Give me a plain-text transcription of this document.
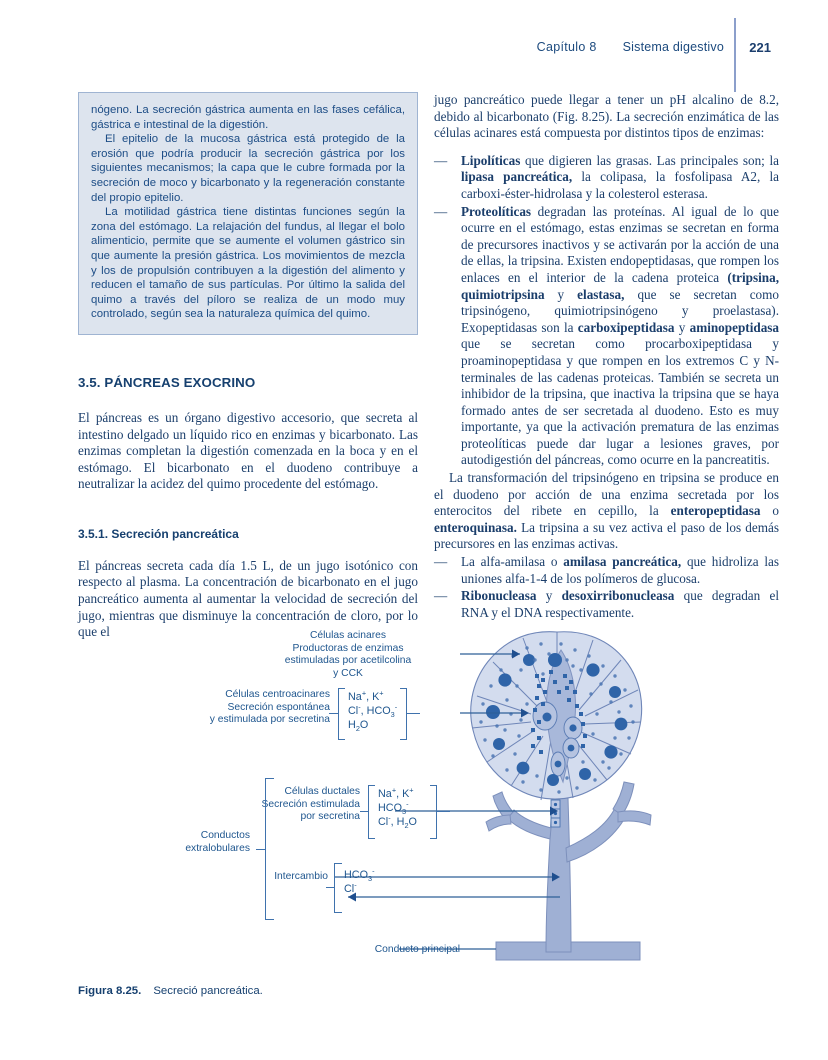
Capítulo 8 Sistema digestivo	221

nógeno. La secreción gástrica aumenta en las fases cefálica, gástrica e intestinal de la digestión.

El epitelio de la mucosa gástrica está protegido de la erosión que podría producir la secreción gástrica por los siguientes mecanismos; la capa que le cubre formada por la secreción de moco y bicarbonato y la regeneración constante del propio epitelio.

La motilidad gástrica tiene distintas funciones según la zona del estómago. La relajación del fundus, al llegar el bolo alimenticio, permite que se aumente el volumen gástrico sin que aumente la presión gástrica. Los movimientos de mezcla y los de propulsión contribuyen a la digestión del alimento y reducen el tamaño de sus partículas. Por último la salida del quimo a través del píloro se realiza de un modo muy controlado, según sea la naturaleza química del quimo.

3.5. PÁNCREAS EXOCRINO

El páncreas es un órgano digestivo accesorio, que secreta al intestino delgado un líquido rico en enzimas y bicarbonato. Las enzimas completan la digestión comenzada en la boca y en el estómago. El bicarbonato en el duodeno contribuye a neutralizar la acidez del quimo procedente del estómago.

3.5.1. Secreción pancreática

El páncreas secreta cada día 1.5 L, de un jugo isotónico con respecto al plasma. La concentración de bicarbonato en el jugo pancreático aumenta al aumentar la velocidad de secreción del jugo, mientras que disminuye la concentración de cloro, por lo que el

jugo pancreático puede llegar a tener un pH alcalino de 8.2, debido al bicarbonato (Fig. 8.25). La secreción enzimática de las células acinares está compuesta por distintos tipos de enzimas:

—	Lipolíticas que digieren las grasas. Las principales son; la lipasa pancreática, la colipasa, la fosfolipasa A2, la carboxi-éster-hidrolasa y la colesterol esterasa.
—	Proteolíticas degradan las proteínas. Al igual de lo que ocurre en el estómago, estas enzimas se secretan en forma de precursores inactivos y se activarán por la acción de una de ellas, la tripsina. Existen endopeptidasas, que rompen los enlaces en el interior de la cadena proteica (tripsina, quimiotripsina y elastasa, que se secretan como tripsinógeno, quimiotripsinógeno y proelastasa). Exopeptidasas son la carboxipeptidasa y aminopeptidasa que se secretan como procarboxipeptidasa y proaminopeptidasa y que rompen en los extremos C y N-terminales de las cadenas proteicas. También se secreta un inhibidor de la tripsina, que inactiva la tripsina que se haya formado antes de ser secretada al duodeno. Esto es muy importante, ya que la activación prematura de las enzimas proteolíticas puede dar lugar a lesiones graves, por autodigestión del páncreas, como ocurre en la pancreatitis.

La transformación del tripsinógeno en tripsina se produce en el duodeno por acción de una enzima secretada por los enterocitos del ribete en cepillo, la enteropeptidasa o enteroquinasa. La tripsina a su vez activa el paso de los demás precursores en las enzimas activas.

—	La alfa-amilasa o amilasa pancreática, que hidroliza las uniones alfa-1-4 de los polímeros de glucosa.
—	Ribonucleasa y desoxirribonucleasa que degradan el RNA y el DNA respectivamente.
Células acinares
Productoras de enzimas
estimuladas por acetilcolina
y CCK
Células centroacinares
Secreción espontánea
y estimulada por secretina
Na+, K+
Cl-, $HCO_3^-$
$H_2O$
Células ductales
Secreción estimulada
por secretina
Na+, K+
$HCO_3^-$
Cl-, $H_2O$
Conductos
extralobulares
Intercambio $HCO_3^-$
Cl-
Conducto principal
Figura 8.25. Secreció pancreática.
